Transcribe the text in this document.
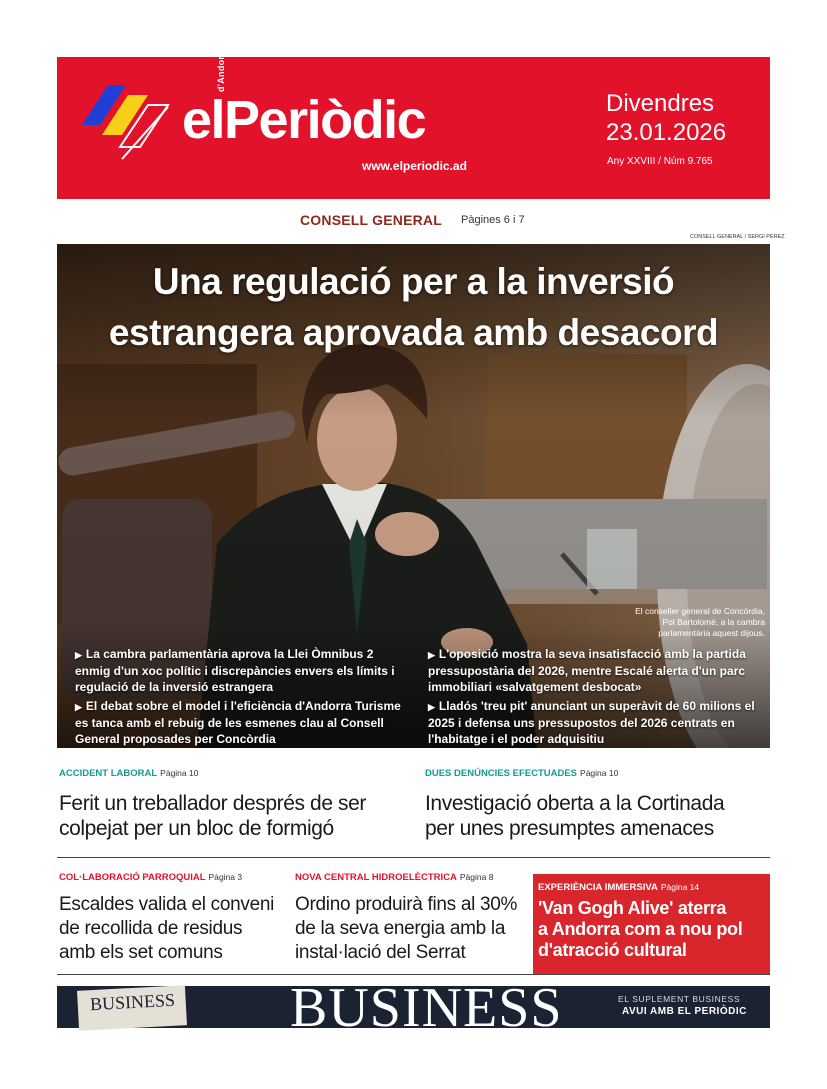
elPeriòdic
d'Andorra
www.elperiodic.ad
Divendres
23.01.2026
Any XXVIII / Núm 9.765
CONSELL GENERAL Pàgines 6 i 7
CONSELL GENERAL / SERGI PÉREZ
Una regulació per a la inversió
estrangera aprovada amb desacord
El conseller general de Concòrdia,
Pol Bartolomé, a la cambra
parlamentària aquest dijous.
▶ La cambra parlamentària aprova la Llei Òmnibus 2 enmig d'un xoc polític i discrepàncies envers els límits i regulació de la inversió estrangera
▶ El debat sobre el model i l'eficiència d'Andorra Turisme es tanca amb el rebuig de les esmenes clau al Consell General proposades per Concòrdia
▶ L'oposició mostra la seva insatisfacció amb la partida pressupostària del 2026, mentre Escalé alerta d'un parc immobiliari «salvatgement desbocat»
▶ Lladós 'treu pit' anunciant un superàvit de 60 milions el 2025 i defensa uns pressupostos del 2026 centrats en l'habitatge i el poder adquisitiu
ACCIDENT LABORAL Pàgina 10
Ferit un treballador després de ser
colpejat per un bloc de formigó
DUES DENÚNCIES EFECTUADES Pàgina 10
Investigació oberta a la Cortinada
per unes presumptes amenaces
COL·LABORACIÓ PARROQUIAL Pàgina 3
Escaldes valida el conveni
de recollida de residus
amb els set comuns
NOVA CENTRAL HIDROELÈCTRICA Pàgina 8
Ordino produirà fins al 30%
de la seva energia amb la
instal·lació del Serrat
EXPERIÈNCIA IMMERSIVA Pàgina 14
'Van Gogh Alive' aterra
a Andorra com a nou pol
d'atracció cultural
BUSINESS BUSINESS	EL SUPLEMENT BUSINESS
AVUI AMB EL PERIÒDIC
